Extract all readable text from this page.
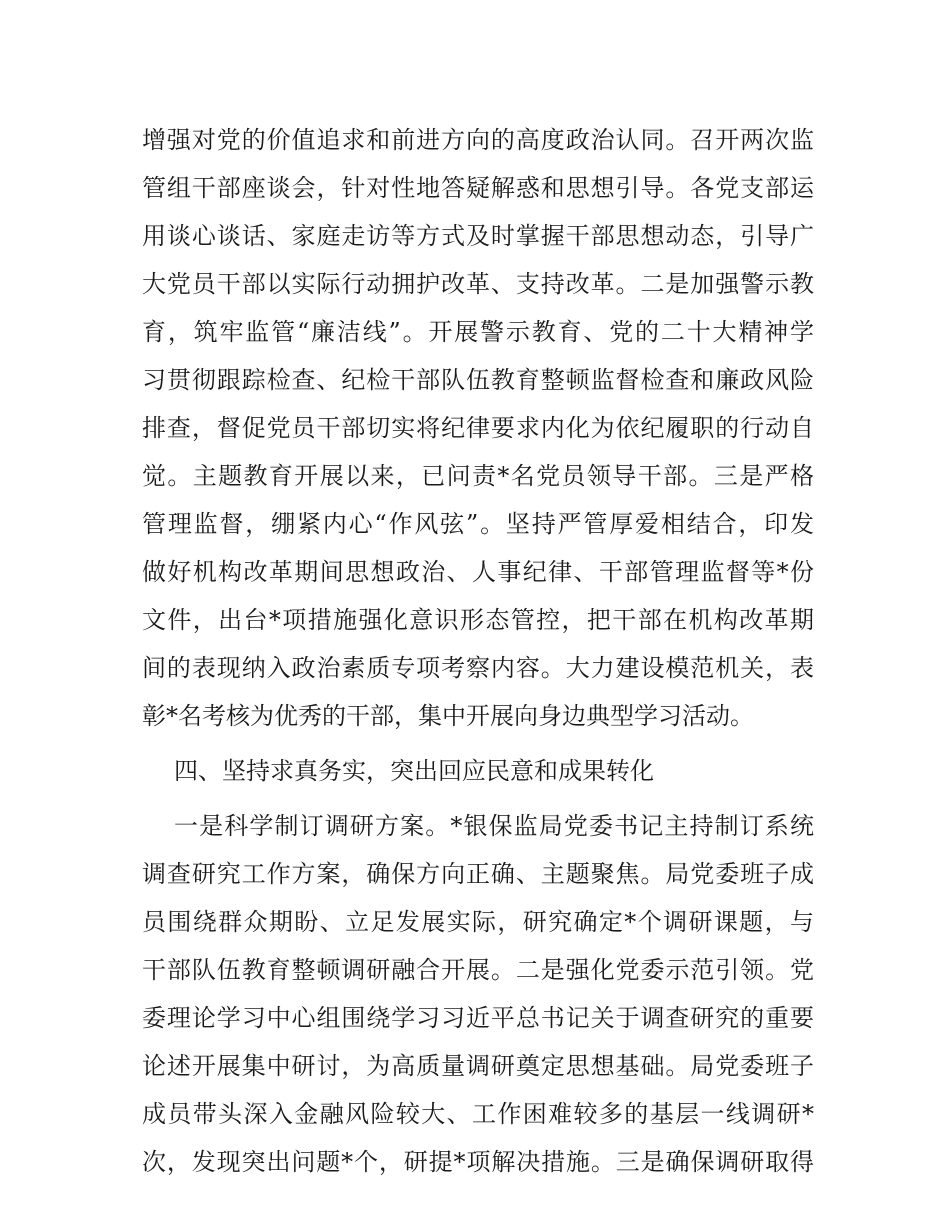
增强对党的价值追求和前进方向的高度政治认同。召开两次监
管组干部座谈会，针对性地答疑解惑和思想引导。各党支部运
用谈心谈话、家庭走访等方式及时掌握干部思想动态，引导广
大党员干部以实际行动拥护改革、支持改革。二是加强警示教
育，筑牢监管“廉洁线”。开展警示教育、党的二十大精神学
习贯彻跟踪检查、纪检干部队伍教育整顿监督检查和廉政风险
排查，督促党员干部切实将纪律要求内化为依纪履职的行动自
觉。主题教育开展以来，已问责*名党员领导干部。三是严格
管理监督，绷紧内心“作风弦”。坚持严管厚爱相结合，印发
做好机构改革期间思想政治、人事纪律、干部管理监督等*份
文件，出台*项措施强化意识形态管控，把干部在机构改革期
间的表现纳入政治素质专项考察内容。大力建设模范机关，表
彰*名考核为优秀的干部，集中开展向身边典型学习活动。
四、坚持求真务实，突出回应民意和成果转化
一是科学制订调研方案。*银保监局党委书记主持制订系统
调查研究工作方案，确保方向正确、主题聚焦。局党委班子成
员围绕群众期盼、立足发展实际，研究确定*个调研课题，与
干部队伍教育整顿调研融合开展。二是强化党委示范引领。党
委理论学习中心组围绕学习习近平总书记关于调查研究的重要
论述开展集中研讨，为高质量调研奠定思想基础。局党委班子
成员带头深入金融风险较大、工作困难较多的基层一线调研*
次，发现突出问题*个，研提*项解决措施。三是确保调研取得
